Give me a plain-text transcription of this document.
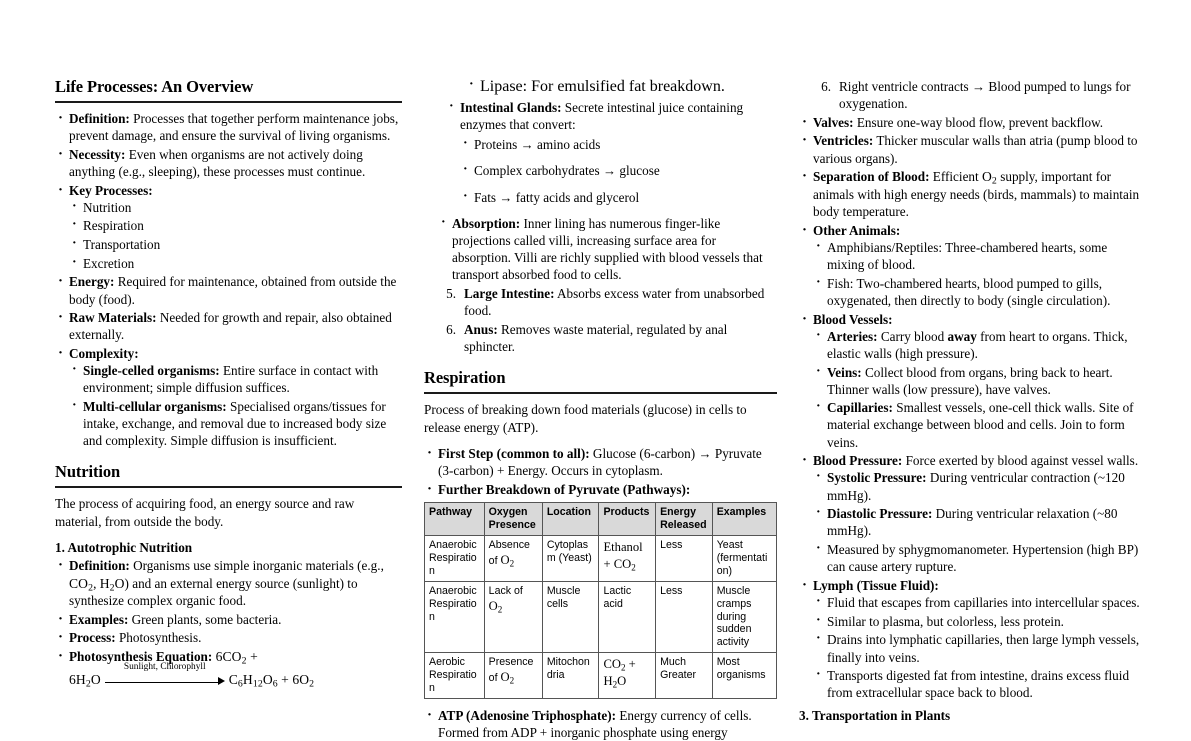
Life Processes: An Overview
· Definition: Processes that together perform maintenance jobs, prevent damage, and ensure the survival of living organisms.
· Necessity: Even when organisms are not actively doing anything (e.g., sleeping), these processes must continue.
· Key Processes:
· Nutrition
· Respiration
· Transportation
· Excretion
· Energy: Required for maintenance, obtained from outside the body (food).
· Raw Materials: Needed for growth and repair, also obtained externally.
· Complexity:
· Single-celled organisms: Entire surface in contact with environment; simple diffusion suffices.
· Multi-cellular organisms: Specialised organs/tissues for intake, exchange, and removal due to increased body size and complexity. Simple diffusion is insufficient.
Nutrition

The process of acquiring food, an energy source and raw material, from outside the body.

1. Autotrophic Nutrition
· Definition: Organisms use simple inorganic materials (e.g., $CO_2$, $H_2O$) and an external energy source (sunlight) to synthesize complex organic food.
· Examples: Green plants, some bacteria.
· Process: Photosynthesis.
· Photosynthesis Equation: $6CO_2$ +
$6H_2O$
Sunlight, Chlorophyll
$C_6H_{12}O_6 + 6O_2$
· Lipase: For emulsified fat breakdown.
· Intestinal Glands: Secrete intestinal juice containing enzymes that convert:
· Proteins → amino acids
· Complex carbohydrates → glucose
· Fats → fatty acids and glycerol
· Absorption: Inner lining has numerous finger-like projections called villi, increasing surface area for absorption. Villi are richly supplied with blood vessels that transport absorbed food to cells.
5. Large Intestine: Absorbs excess water from unabsorbed food.
6. Anus: Removes waste material, regulated by anal sphincter.
Respiration

Process of breaking down food materials (glucose) in cells to release energy (ATP).

· First Step (common to all): Glucose (6-carbon) → Pyruvate (3-carbon) + Energy. Occurs in cytoplasm.
· Further Breakdown of Pyruvate (Pathways):
Pathway	Oxygen Presence	Location	Products	Energy Released	Examples
Anaerobic Respiration	Absence of $O_2$	Cytoplasm (Yeast)	Ethanol + $CO_2$	Less	Yeast (fermentation)
Anaerobic Respiration	Lack of $O_2$	Muscle cells	Lactic acid	Less	Muscle cramps during sudden activity
Aerobic Respiration	Presence of $O_2$	Mitochondria	$CO_2 + H_2O$	Much Greater	Most organisms
· ATP (Adenosine Triphosphate): Energy currency of cells. Formed from ADP + inorganic phosphate using energy
6. Right ventricle contracts → Blood pumped to lungs for oxygenation.
· Valves: Ensure one-way blood flow, prevent backflow.
· Ventricles: Thicker muscular walls than atria (pump blood to various organs).
· Separation of Blood: Efficient $O_2$ supply, important for animals with high energy needs (birds, mammals) to maintain body temperature.
· Other Animals:
· Amphibians/Reptiles: Three-chambered hearts, some mixing of blood.
· Fish: Two-chambered hearts, blood pumped to gills, oxygenated, then directly to body (single circulation).
· Blood Vessels:
· Arteries: Carry blood away from heart to organs. Thick, elastic walls (high pressure).
· Veins: Collect blood from organs, bring back to heart. Thinner walls (low pressure), have valves.
· Capillaries: Smallest vessels, one-cell thick walls. Site of material exchange between blood and cells. Join to form veins.
· Blood Pressure: Force exerted by blood against vessel walls.
· Systolic Pressure: During ventricular contraction (~120 mmHg).
· Diastolic Pressure: During ventricular relaxation (~80 mmHg).
· Measured by sphygmomanometer. Hypertension (high BP) can cause artery rupture.
· Lymph (Tissue Fluid):
· Fluid that escapes from capillaries into intercellular spaces.
· Similar to plasma, but colorless, less protein.
· Drains into lymphatic capillaries, then large lymph vessels, finally into veins.
· Transports digested fat from intestine, drains excess fluid from extracellular space back to blood.
3. Transportation in Plants
